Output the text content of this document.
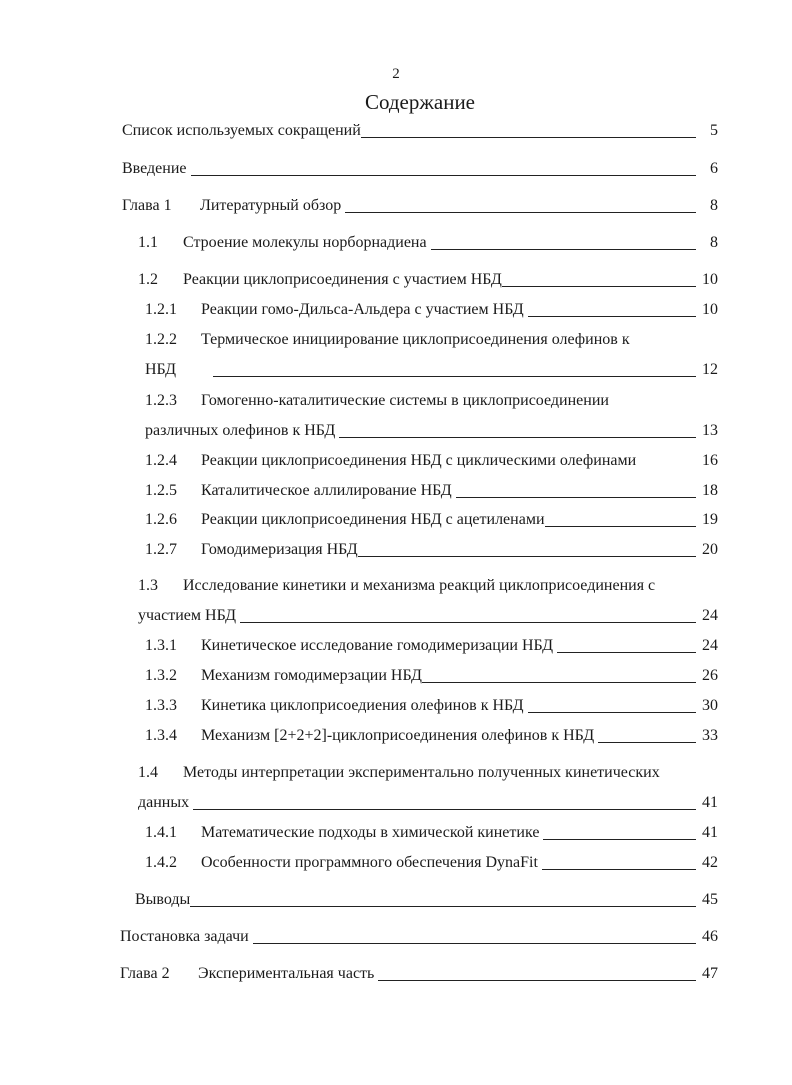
2
Содержание
Список используемых сокращений	5
Введение	6
Глава 1	Литературный обзор	8
1.1	Строение молекулы норборнадиена	8
1.2	Реакции циклоприсоединения с участием НБД	10
1.2.1	Реакции гомо-Дильса-Альдера с участием НБД	10
1.2.2	Термическое инициирование циклоприсоединения олефинов к
НБД	12
1.2.3	Гомогенно-каталитические системы в циклоприсоединении
различных олефинов к НБД	13
1.2.4	Реакции циклоприсоединения НБД с циклическими олефинами	16
1.2.5	Каталитическое аллилирование НБД	18
1.2.6	Реакции циклоприсоединения НБД с ацетиленами	19
1.2.7	Гомодимеризация НБД	20
1.3	Исследование кинетики и механизма реакций циклоприсоединения с
участием НБД	24
1.3.1	Кинетическое исследование гомодимеризации НБД	24
1.3.2	Механизм гомодимерзации НБД	26
1.3.3	Кинетика циклоприсоедиения олефинов к НБД	30
1.3.4	Механизм [2+2+2]-циклоприсоединения олефинов к НБД	33
1.4	Методы интерпретации экспериментально полученных кинетических
данных	41
1.4.1	Математические подходы в химической кинетике	41
1.4.2	Особенности программного обеспечения DynaFit	42
Выводы	45
Постановка задачи	46
Глава 2	Экспериментальная часть	47
